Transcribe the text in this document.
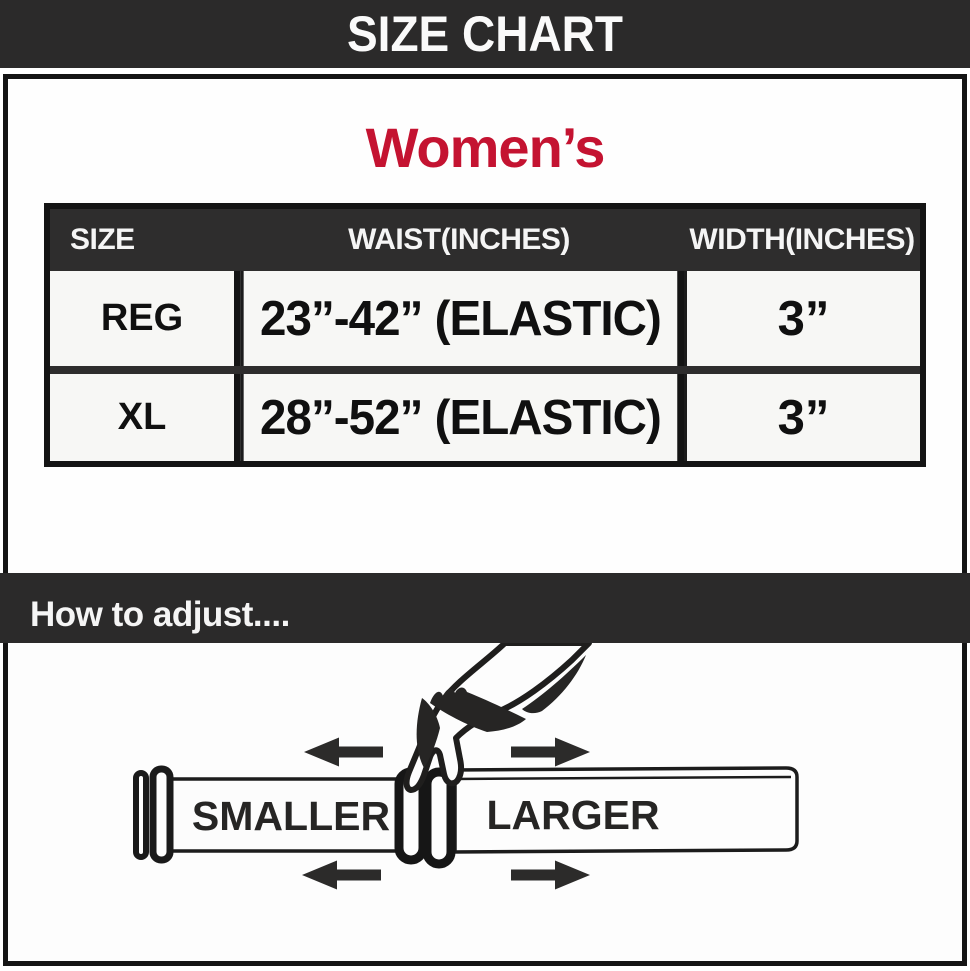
SIZE CHART
Women’s
SIZE	WAIST(INCHES)	WIDTH(INCHES)
REG	23”-42” (ELASTIC)	3”
XL	28”-52” (ELASTIC)	3”
How to adjust....
SMALLER LARGER
